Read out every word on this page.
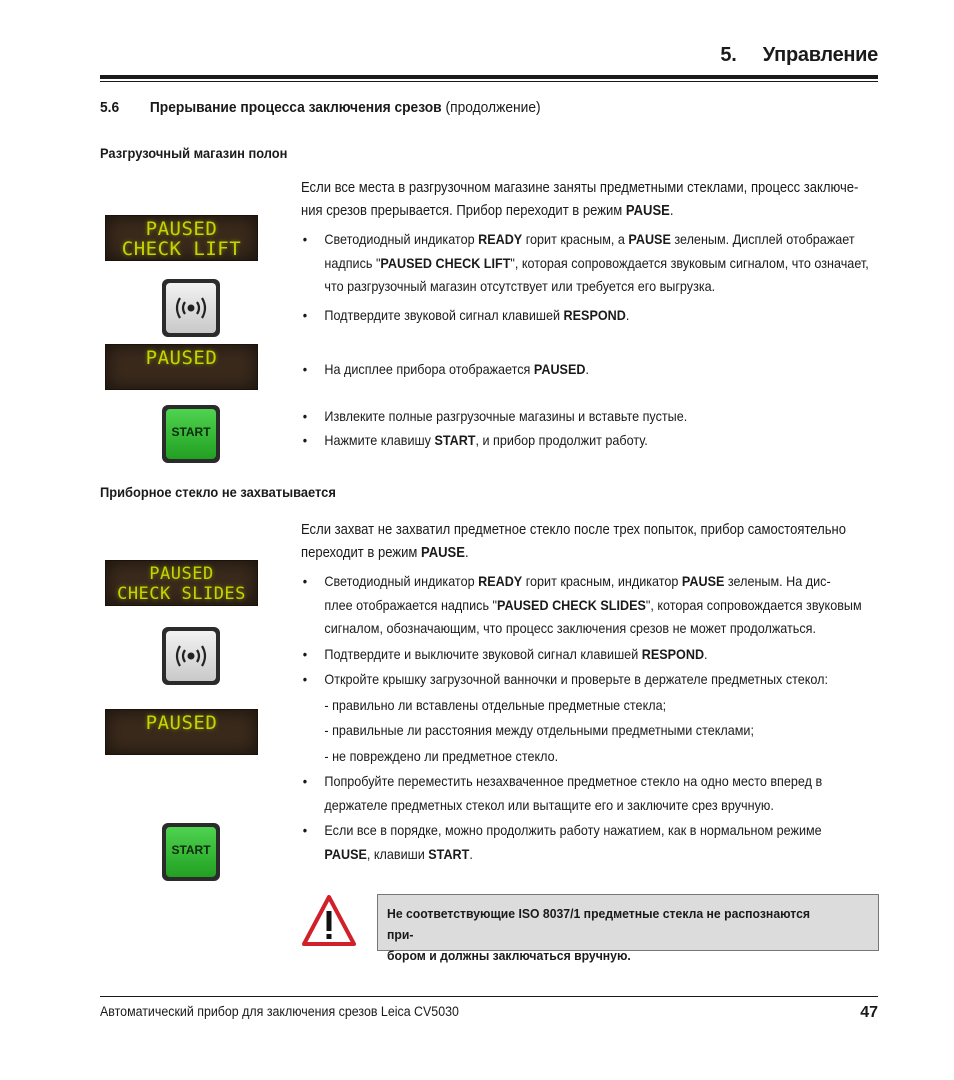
5. Управление
5.6 Прерывание процесса заключения срезов (продолжение)
Разгрузочный магазин полон
Если все места в разгрузочном магазине заняты предметными стеклами, процесс заключе-
ния срезов прерывается. Прибор переходит в режим PAUSE.
• Светодиодный индикатор READY горит красным, а PAUSE зеленым. Дисплей отображает
надпись "PAUSED CHECK LIFT", которая сопровождается звуковым сигналом, что означает,
что разгрузочный магазин отсутствует или требуется его выгрузка.
• Подтвердите звуковой сигнал клавишей RESPOND.
• На дисплее прибора отображается PAUSED.
• Извлеките полные разгрузочные магазины и вставьте пустые.
• Нажмите клавишу START, и прибор продолжит работу.
PAUSED
CHECK LIFT
PAUSED
START
Приборное стекло не захватывается
Если захват не захватил предметное стекло после трех попыток, прибор самостоятельно
переходит в режим PAUSE.
• Светодиодный индикатор READY горит красным, индикатор PAUSE зеленым. На дис-
плее отображается надпись "PAUSED CHECK SLIDES", которая сопровождается звуковым
сигналом, обозначающим, что процесс заключения срезов не может продолжаться.
• Подтвердите и выключите звуковой сигнал клавишей RESPOND.
• Откройте крышку загрузочной ванночки и проверьте в держателе предметных стекол:
- правильно ли вставлены отдельные предметные стекла;
- правильные ли расстояния между отдельными предметными стеклами;
- не повреждено ли предметное стекло.
• Попробуйте переместить незахваченное предметное стекло на одно место вперед в
держателе предметных стекол или вытащите его и заключите срез вручную.
• Если все в порядке, можно продолжить работу нажатием, как в нормальном режиме
PAUSE, клавиши START.
PAUSED
CHECK SLIDES
PAUSED
START
Не соответствующие ISO 8037/1 предметные стекла не распознаются при-
бором и должны заключаться вручную.
Автоматический прибор для заключения срезов Leica CV5030	47
